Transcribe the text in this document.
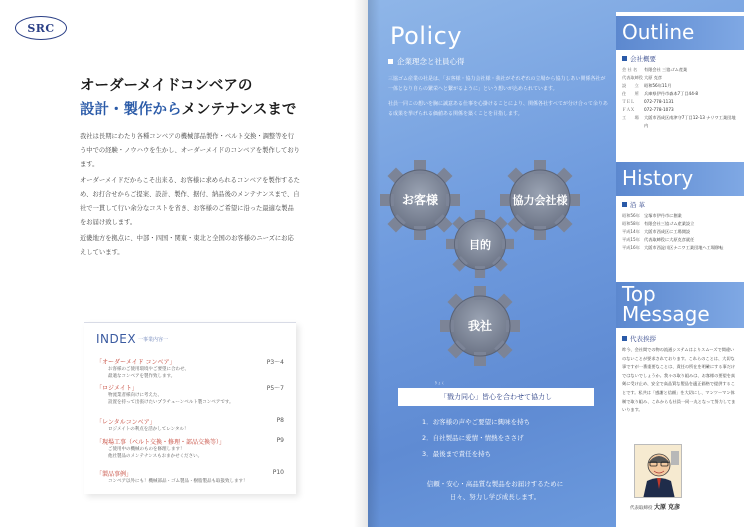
SRC
オーダーメイドコンベアの
設計・製作からメンテナンスまで

我社は長期にわたり各種コンベアの機械部品製作・ベルト交換・調整等を行う中での経験・ノウハウを生かし、オーダーメイドのコンベアを製作しております。

オーダーメイドだからこそ出来る、お客様に求められるコンベアを製作するため、お打合せからご提案、設計、製作、据付、納品後のメンテナンスまで、自社で一貫して行い余分なコストを省き、お客様のご希望に沿った最適な製品をお届け致します。

近畿地方を拠点に、中部・四国・関東・東北と全国のお客様のニーズにお応えしています。

INDEX 一事業内容一
「オーダーメイド コンベア」	P3～4
お客様のご使用環境やご要望に合わせ、
最適なコンベアを製作致します。
「ロジメイト」	P5～7
物流業者様向けに考えた、
設置を持って出張けたいプラチェーンベルト製コンベアです。
「レンタルコンベア」	P8
ロジメイトの利点を活かしてレンタル！
「現場工事（ベルト交換・修理・部品交換等）」	P9
ご使用中の機械のものを修理します！
他社製品のメンテナンスもおまかせください。
「製品事例」	P10
コンベア以外にも！機械部品・ゴム製品・樹脂製品も取扱致します！
Policy
企業理念と社員心得

三協ゴム産業の社是は、「お客様・協力会社様・我社がそれぞれの立場から協力しあい関係各社が一体となり自らの繁栄へと繋がるように」という想いが込められています。

社員一同この想いを胸に誠意ある仕事を心掛けることにより、関係各社すべてが分け合って余りある成果を挙げられる価値ある関係を築くことを目指します。

お客様	協力会社様
目的
我社
りょく
「戮力同心」皆心を合わせて協力し
1．お客様の声やご要望に興味を持ち
2．自社製品に愛情・情熱をささげ
3．最後まで責任を持ち
信頼・安心・高品質な製品をお届けするために
日々、努力し学び成長します。
Outline
会社概要
会 社 名	有限会社 三協ゴム産業
代表取締役 大原 克彦
設　　立	昭和56年11月
住　　所	兵庫県伊丹市森本7丁目44-8
ＴＥＬ	072-778-1131
ＦＡＸ	072-778-1073
工　　場	大阪市西成区南津守7丁目12-13 ナリワ工業団地内
History
沿 革
昭和56年 宝塚市伊丹市に創業
昭和58年 有限会社三協ゴム産業設立
平成14年 大阪市西成区に工場開設
平成15年 代表取締役に大原克彦就任
平成16年 大阪市西淀川区ナニワ工業団地へ工場移転
Top
Message
代表挨拶
昨今、会社間での物の流通システムはよりスムーズで間違いのないことが要求されております。これらのことは、大切な事ですが一番重要なことは、責任の所在を明確にする事だけではないでしょうか。我々の取り組みは、お客様の要望を真剣に受け止め、安全で高品質な製品を適正価格で提供することです。私共は「感謝と信頼」を大切にし、マンツーマン体制で取り組み、これからも社員一同一丸となって努力してまいります。
代表取締役 大原 克彦
